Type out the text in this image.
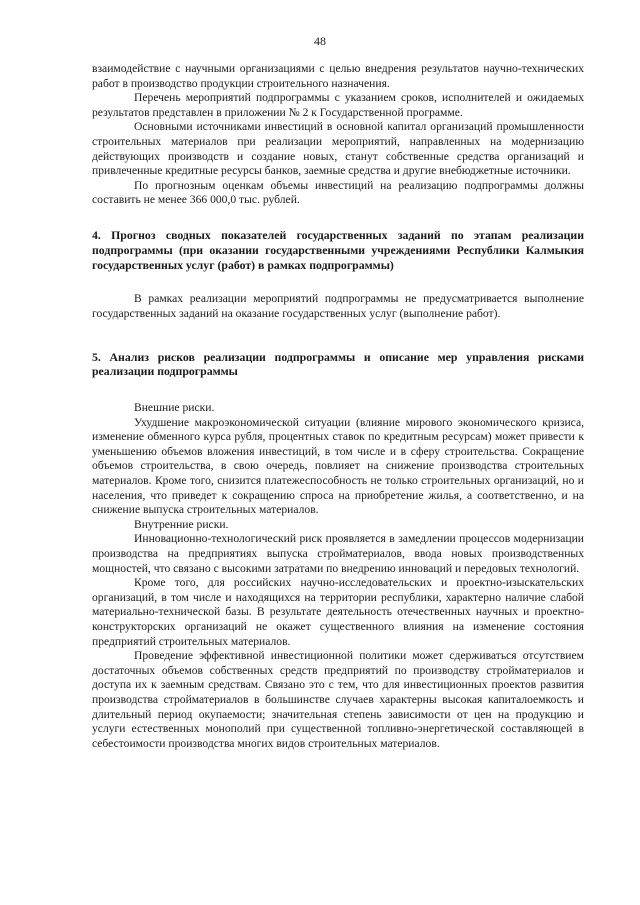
48

взаимодействие с научными организациями с целью внедрения результатов научно-технических работ в производство продукции строительного назначения.

Перечень мероприятий подпрограммы с указанием сроков, исполнителей и ожидаемых результатов представлен в приложении № 2 к Государственной программе.

Основными источниками инвестиций в основной капитал организаций промышленности строительных материалов при реализации мероприятий, направленных на модернизацию действующих производств и создание новых, станут собственные средства организаций и привлеченные кредитные ресурсы банков, заемные средства и другие внебюджетные источники.

По прогнозным оценкам объемы инвестиций на реализацию подпрограммы должны составить не менее 366 000,0 тыс. рублей.

4. Прогноз сводных показателей государственных заданий по этапам реализации подпрограммы (при оказании государственными учреждениями Республики Калмыкия государственных услуг (работ) в рамках подпрограммы)

В рамках реализации мероприятий подпрограммы не предусматривается выполнение государственных заданий на оказание государственных услуг (выполнение работ).

5. Анализ рисков реализации подпрограммы и описание мер управления рисками реализации подпрограммы

Внешние риски.

Ухудшение макроэкономической ситуации (влияние мирового экономического кризиса, изменение обменного курса рубля, процентных ставок по кредитным ресурсам) может привести к уменьшению объемов вложения инвестиций, в том числе и в сферу строительства. Сокращение объемов строительства, в свою очередь, повлияет на снижение производства строительных материалов. Кроме того, снизится платежеспособность не только строительных организаций, но и населения, что приведет к сокращению спроса на приобретение жилья, а соответственно, и на снижение выпуска строительных материалов.

Внутренние риски.

Инновационно-технологический риск проявляется в замедлении процессов модернизации производства на предприятиях выпуска стройматериалов, ввода новых производственных мощностей, что связано с высокими затратами по внедрению инноваций и передовых технологий.

Кроме того, для российских научно-исследовательских и проектно-изыскательских организаций, в том числе и находящихся на территории республики, характерно наличие слабой материально-технической базы. В результате деятельность отечественных научных и проектно-конструкторских организаций не окажет существенного влияния на изменение состояния предприятий строительных материалов.

Проведение эффективной инвестиционной политики может сдерживаться отсутствием достаточных объемов собственных средств предприятий по производству стройматериалов и доступа их к заемным средствам. Связано это с тем, что для инвестиционных проектов развития производства стройматериалов в большинстве случаев характерны высокая капиталоемкость и длительный период окупаемости; значительная степень зависимости от цен на продукцию и услуги естественных монополий при существенной топливно-энергетической составляющей в себестоимости производства многих видов строительных материалов.
